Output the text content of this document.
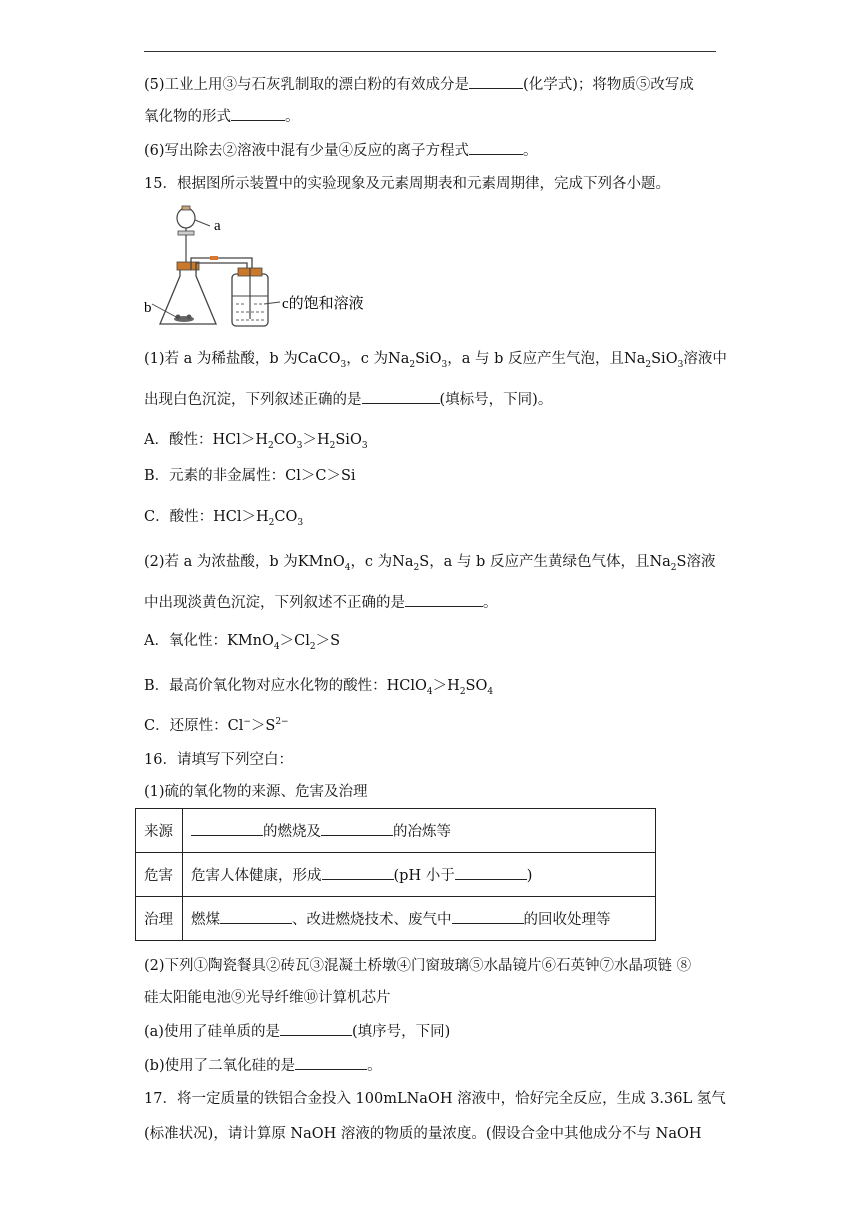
(5)工业上用③与石灰乳制取的漂白粉的有效成分是	(化学式)；将物质⑤改写成
氧化物的形式	。
(6)写出除去②溶液中混有少量④反应的离子方程式	。
15．根据图所示装置中的实验现象及元素周期表和元素周期律，完成下列各小题。
a
b	c的饱和溶液
(1)若 a 为稀盐酸，b 为CaCO$_3$，c 为$Na_2SiO_3$，a 与 b 反应产生气泡，且$Na_2SiO_3$溶液中
出现白色沉淀，下列叙述正确的是	(填标号，下同)。
A．酸性：$HCl>H_2CO_3>H_2SiO_3$
B．元素的非金属性：Cl＞C＞Si
C．酸性：$HCl>H_2CO_3$
(2)若 a 为浓盐酸，b 为KMnO$_4$，c 为$Na_2S$，a 与 b 反应产生黄绿色气体，且$Na_2S$溶液
中出现淡黄色沉淀，下列叙述不正确的是	。
A．氧化性：$KMnO_4>Cl_2>S$
B．最高价氧化物对应水化物的酸性：$HClO_4>H_2SO_4$
C．还原性：$Cl^->S^{2-}$
16．请填写下列空白：
(1)硫的氧化物的来源、危害及治理
来源	的燃烧及 的冶炼等
危害	危害人体健康，形成 (pH 小于 )
治理	燃煤 、改进燃烧技术、废气中 的回收处理等
(2)下列①陶瓷餐具②砖瓦③混凝土桥墩④门窗玻璃⑤水晶镜片⑥石英钟⑦水晶项链 ⑧
硅太阳能电池⑨光导纤维⑩计算机芯片
(a)使用了硅单质的是	(填序号，下同)
(b)使用了二氧化硅的是	。
17．将一定质量的铁铝合金投入 100mLNaOH 溶液中，恰好完全反应，生成 3.36L 氢气
(标准状况)，请计算原 NaOH 溶液的物质的量浓度。(假设合金中其他成分不与 NaOH
